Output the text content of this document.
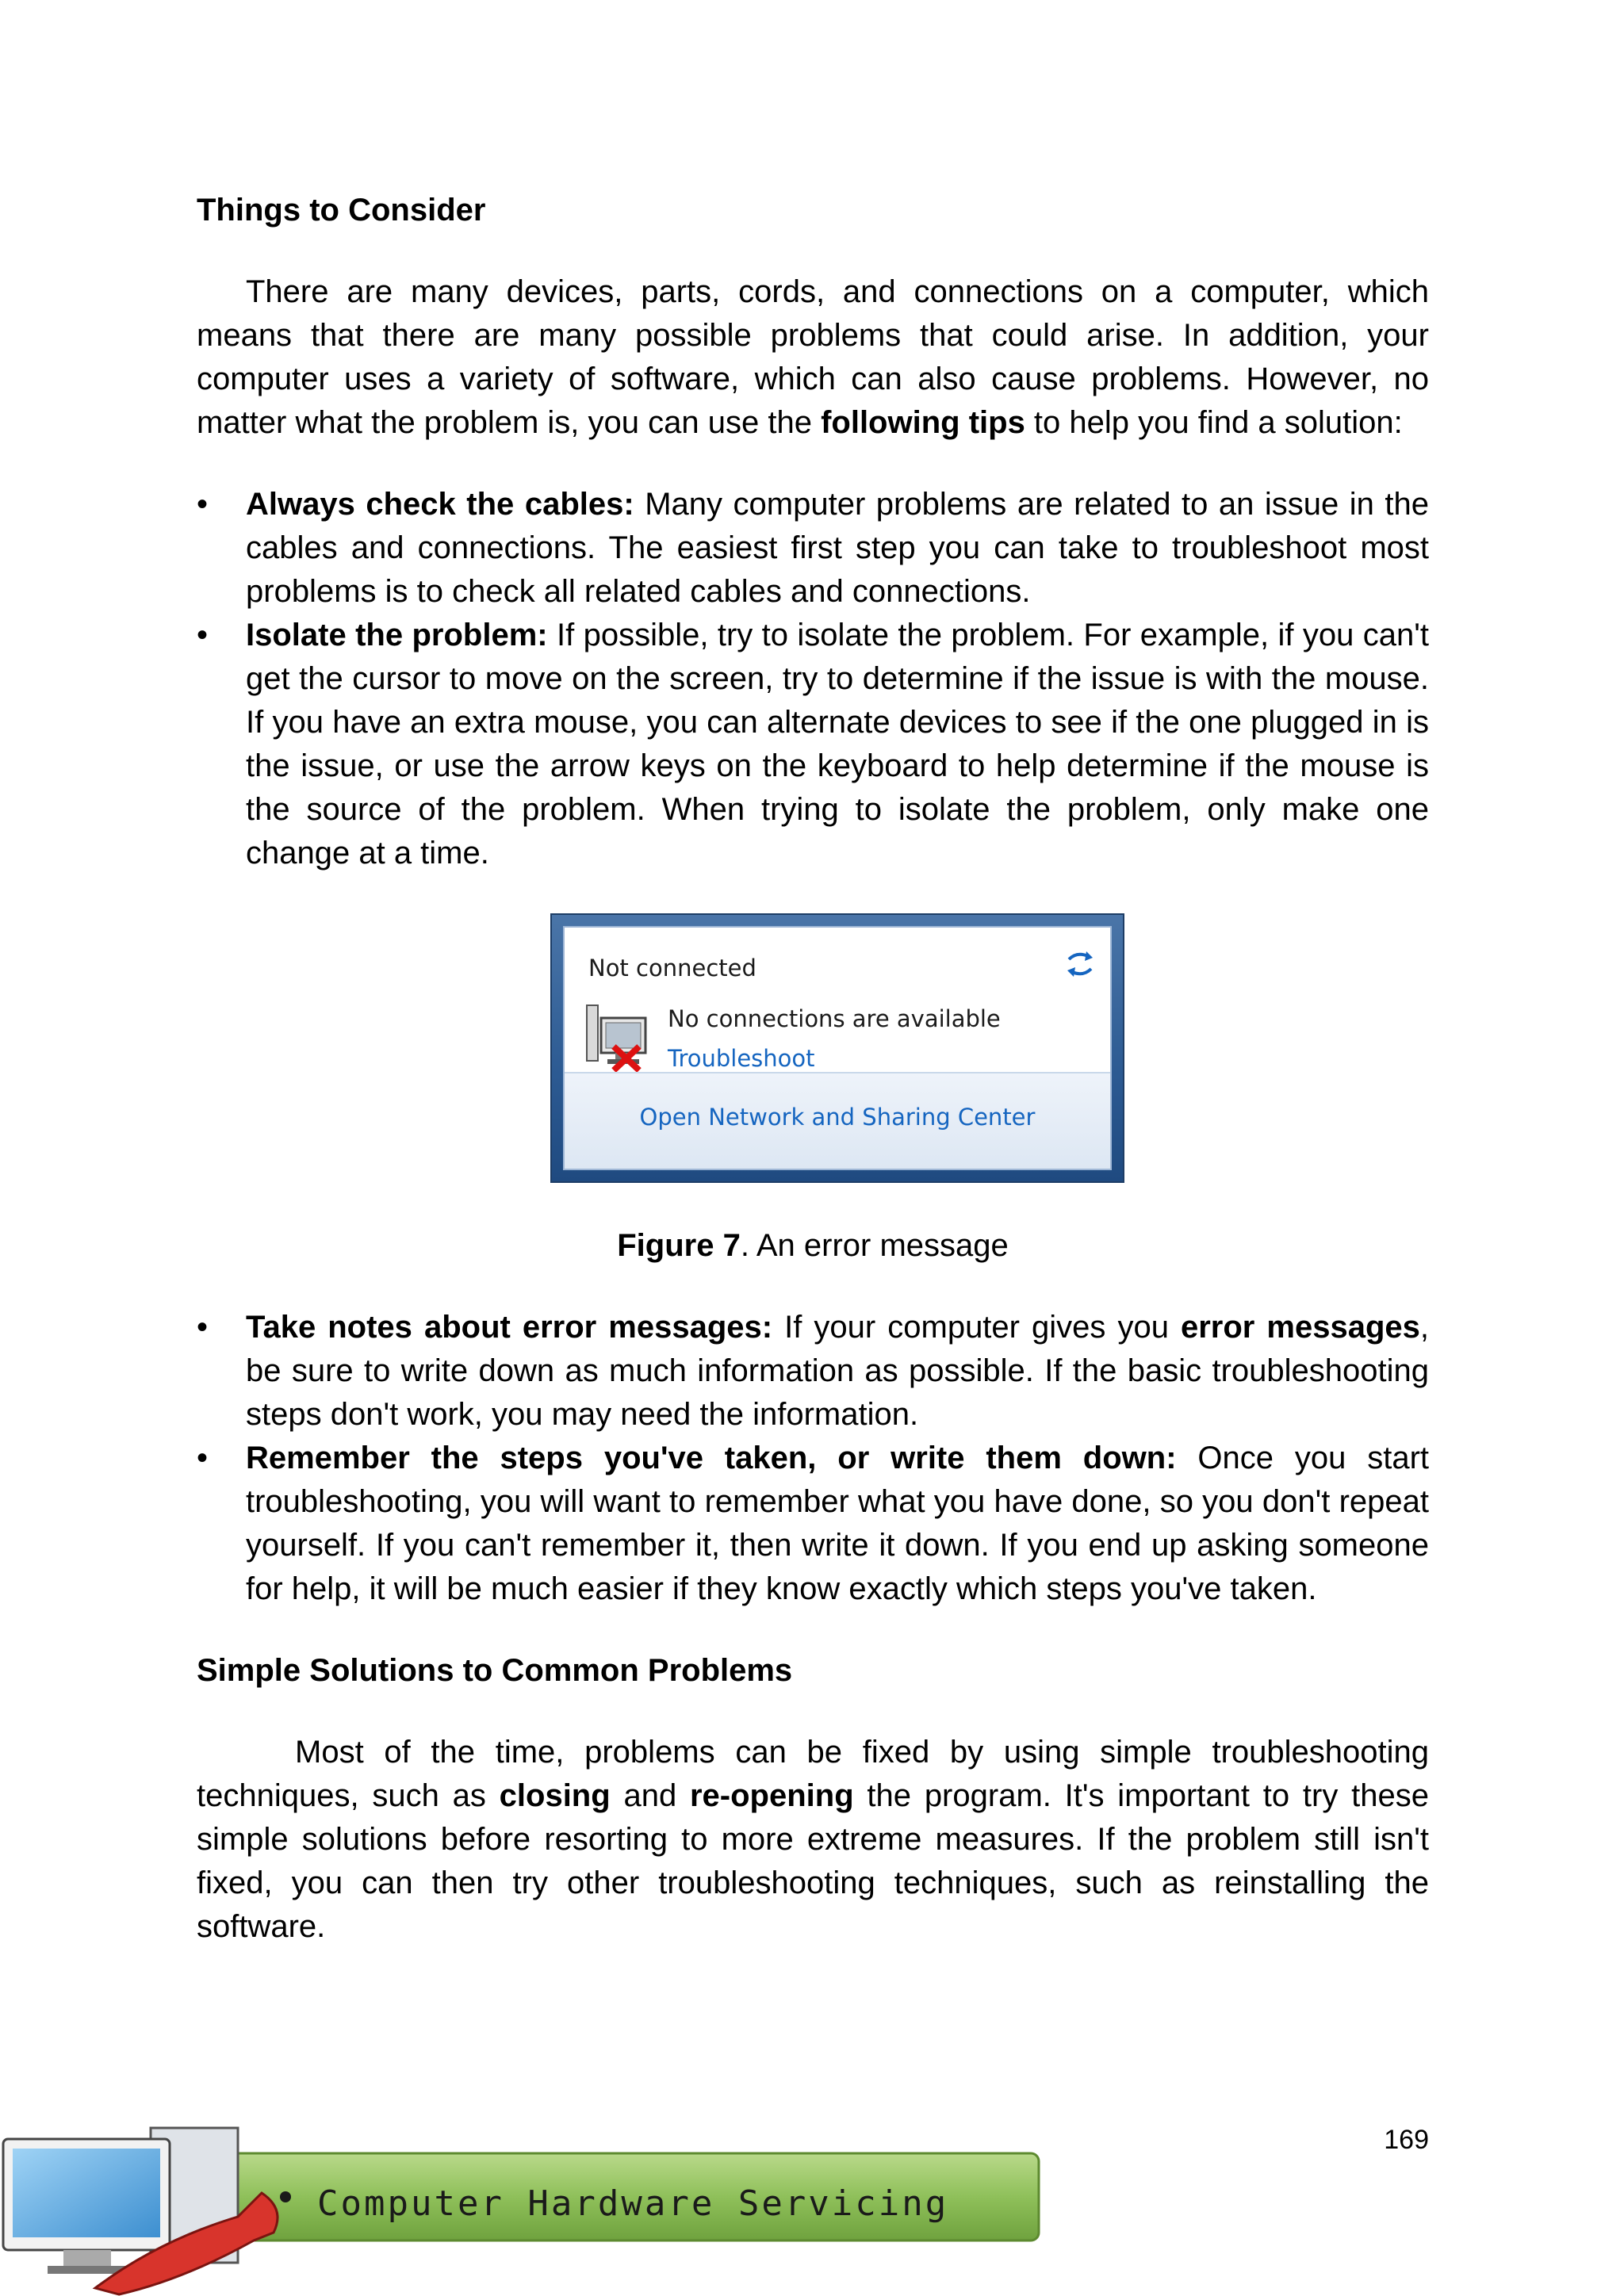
Things to Consider

There are many devices, parts, cords, and connections on a computer, which means that there are many possible problems that could arise. In addition, your computer uses a variety of software, which can also cause problems. However, no matter what the problem is, you can use the following tips to help you find a solution:

• Always check the cables: Many computer problems are related to an issue in the cables and connections. The easiest first step you can take to troubleshoot most problems is to check all related cables and connections.
• Isolate the problem: If possible, try to isolate the problem. For example, if you can't get the cursor to move on the screen, try to determine if the issue is with the mouse. If you have an extra mouse, you can alternate devices to see if the one plugged in is the issue, or use the arrow keys on the keyboard to help determine if the mouse is the source of the problem. When trying to isolate the problem, only make one change at a time.
Not connected
No connections are available
Troubleshoot
Open Network and Sharing Center

Figure 7. An error message

• Take notes about error messages: If your computer gives you error messages, be sure to write down as much information as possible. If the basic troubleshooting steps don't work, you may need the information.
• Remember the steps you've taken, or write them down: Once you start troubleshooting, you will want to remember what you have done, so you don't repeat yourself. If you can't remember it, then write it down. If you end up asking someone for help, it will be much easier if they know exactly which steps you've taken.
Simple Solutions to Common Problems

Most of the time, problems can be fixed by using simple troubleshooting techniques, such as closing and re-opening the program. It's important to try these simple solutions before resorting to more extreme measures. If the problem still isn't fixed, you can then try other troubleshooting techniques, such as reinstalling the software.

169
Computer Hardware Servicing
